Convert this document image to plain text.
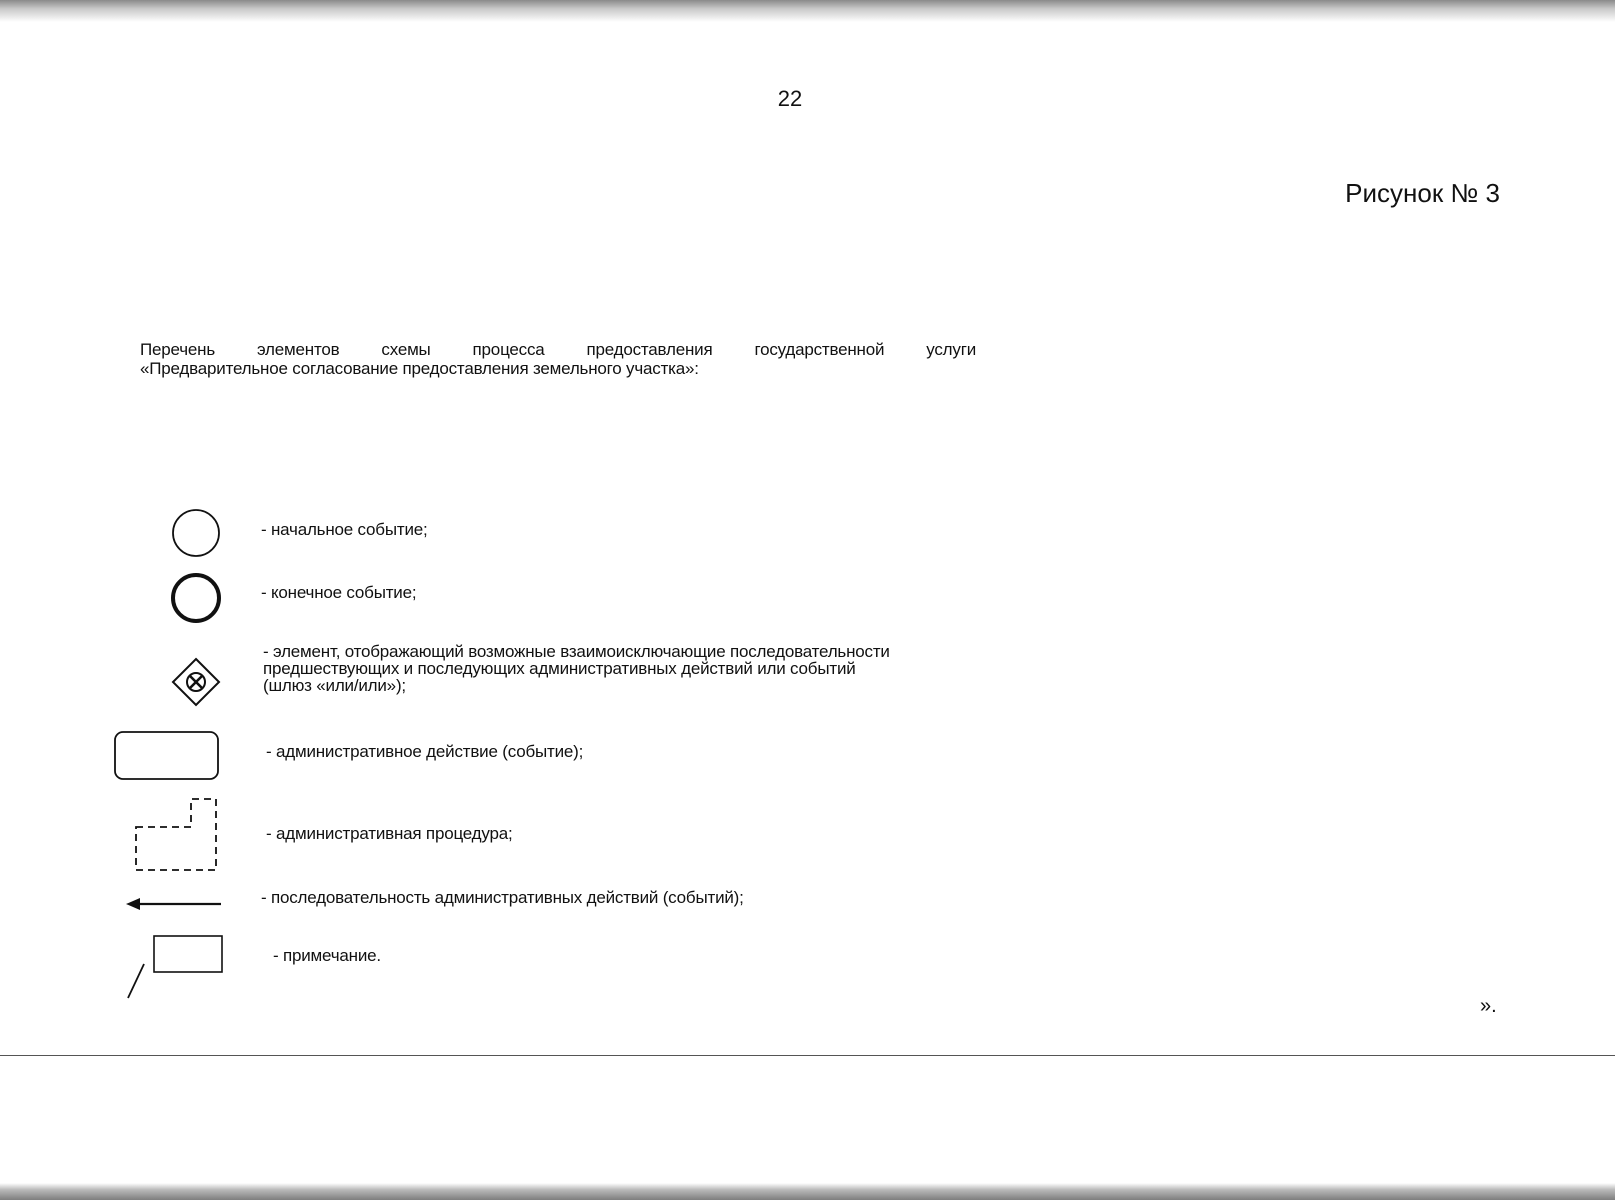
22
Рисунок № 3
Перечень элементов схемы процесса предоставления государственной услуги
«Предварительное согласование предоставления земельного участка»:
- начальное событие;
- конечное событие;
- элемент, отображающий возможные взаимоисключающие последовательности
предшествующих и последующих административных действий или событий
(шлюз «или/или»);
- административное действие (событие);
- административная процедура;
- последовательность административных действий (событий);
- примечание.
».
